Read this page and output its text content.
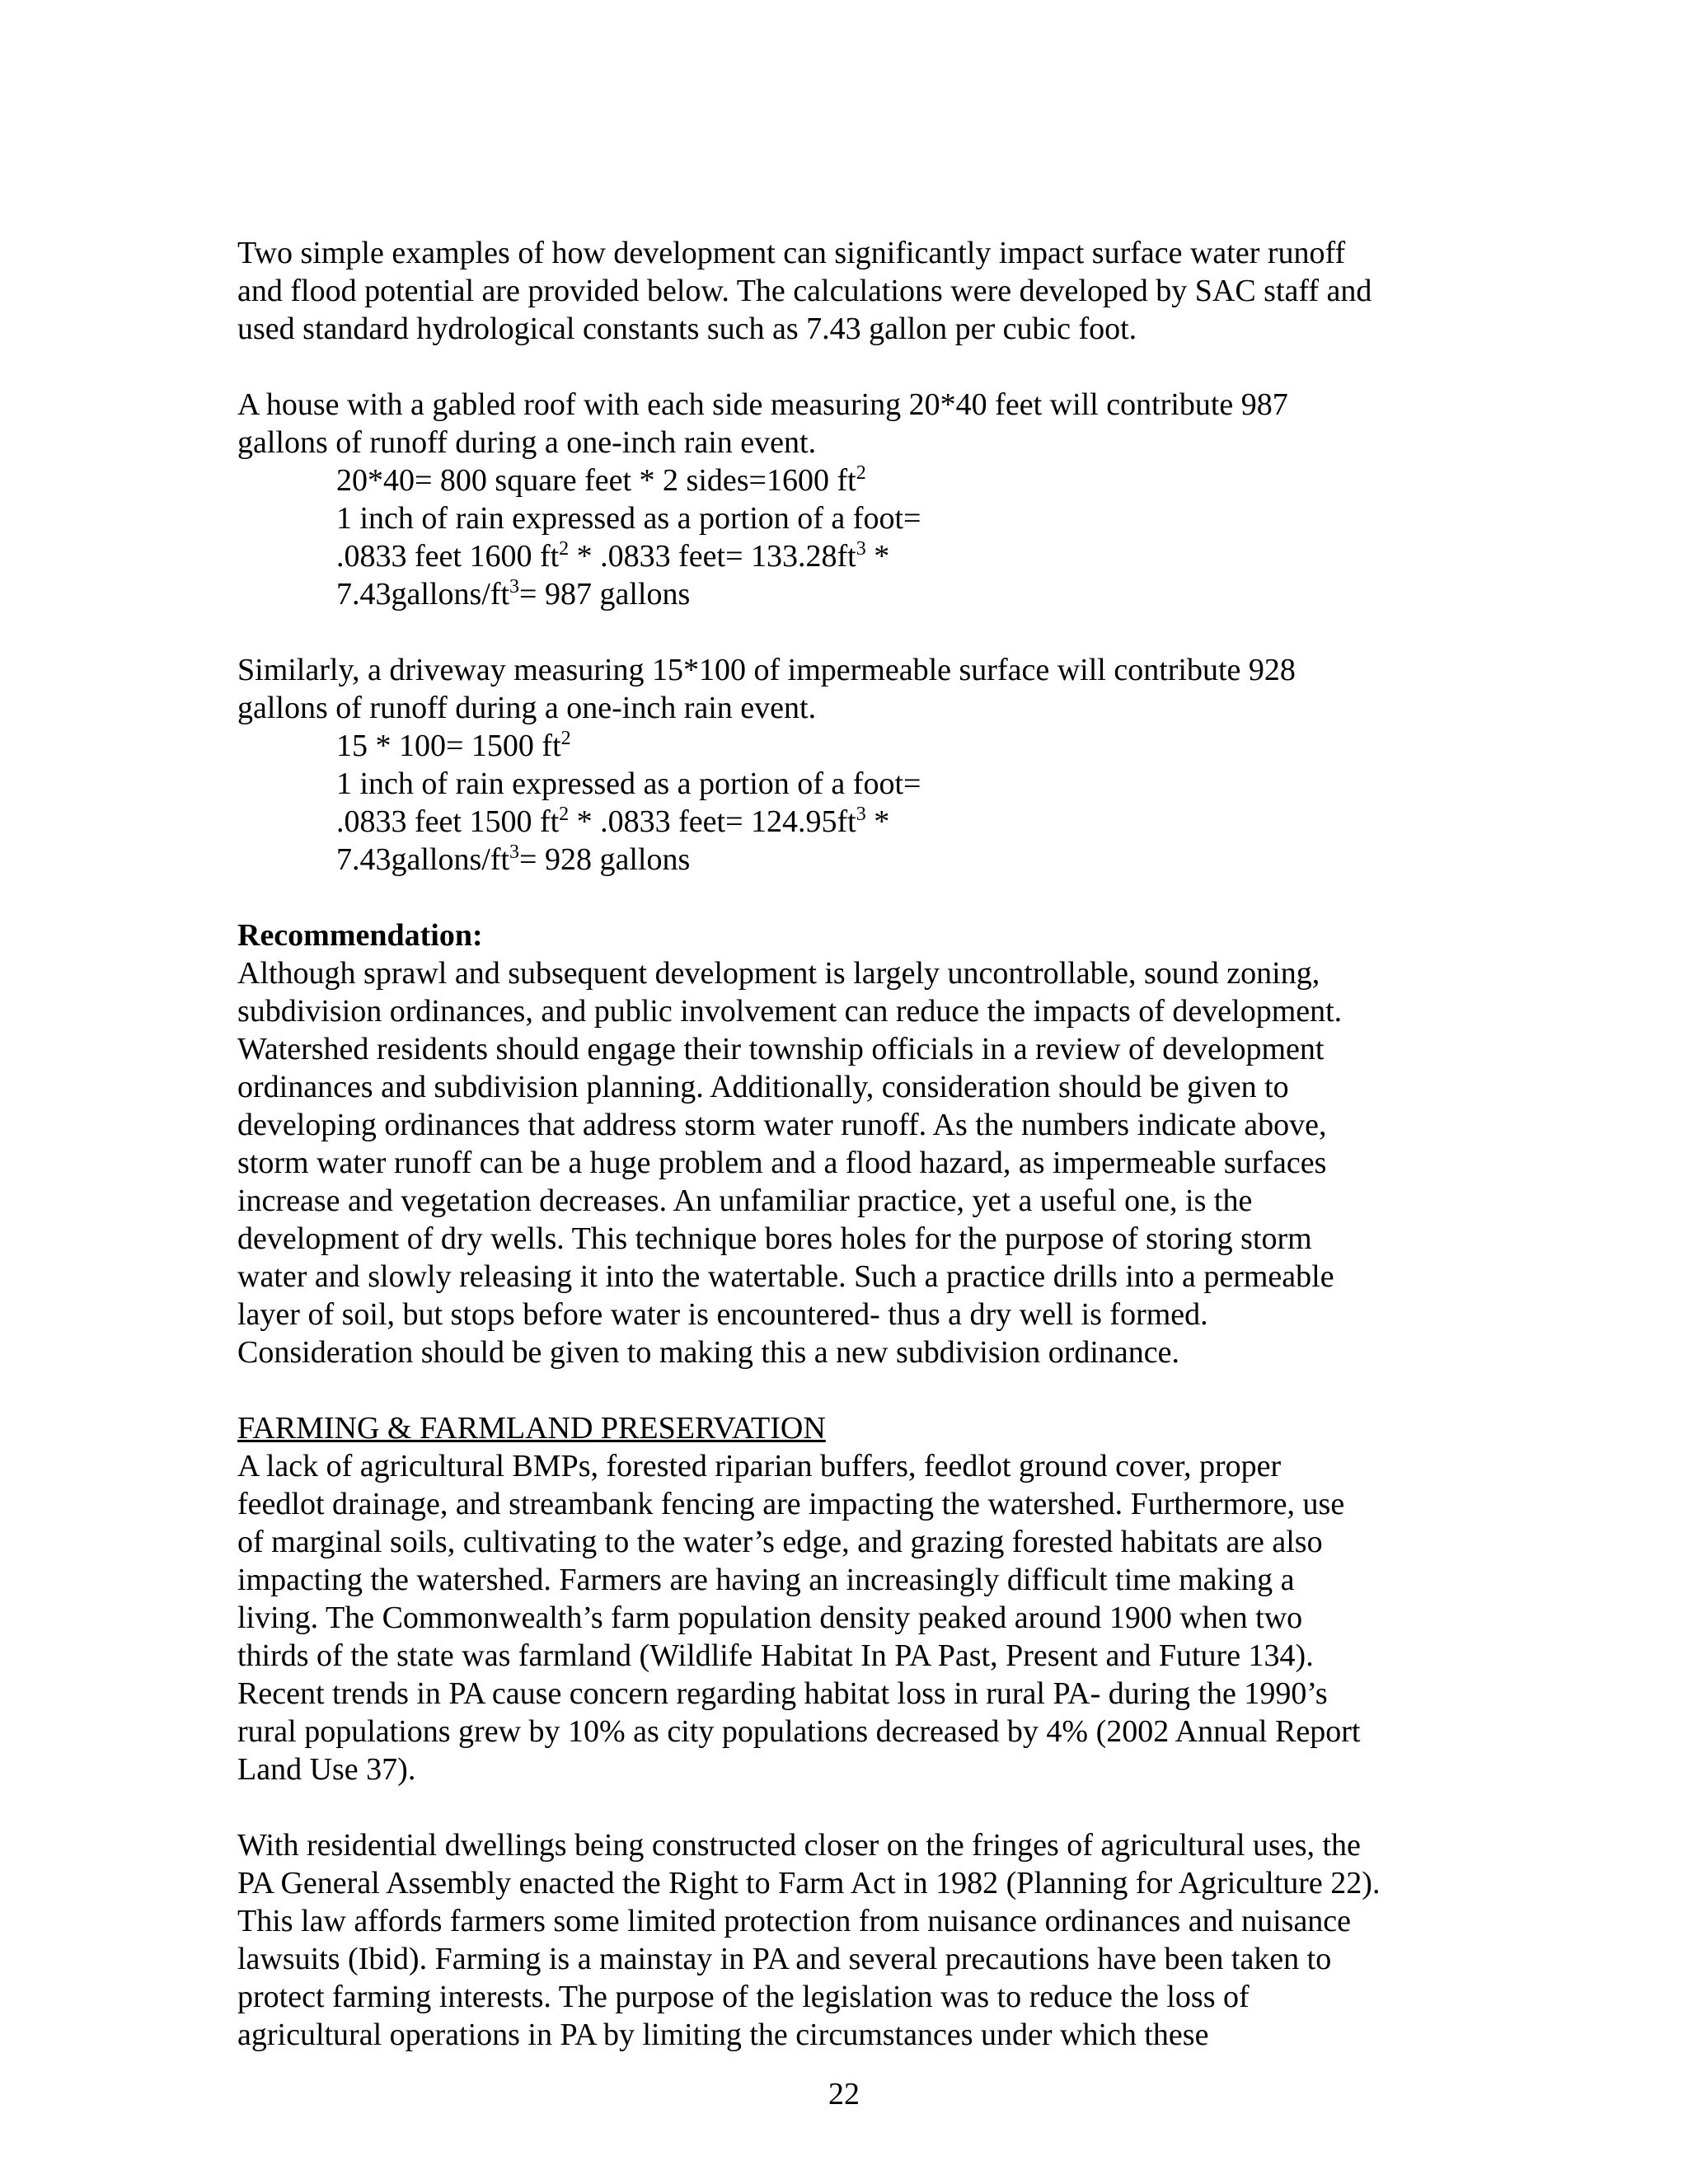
Two simple examples of how development can significantly impact surface water runoff
and flood potential are provided below. The calculations were developed by SAC staff and
used standard hydrological constants such as 7.43 gallon per cubic foot.
A house with a gabled roof with each side measuring 20*40 feet will contribute 987
gallons of runoff during a one-inch rain event.
20*40= 800 square feet * 2 sides=1600 $ft^2$
1 inch of rain expressed as a portion of a foot=
.0833 feet 1600 $ft^2 * .0833$ feet= $133.28ft^3$ *
$7.43gallons/ft^3= 987$ gallons
Similarly, a driveway measuring 15*100 of impermeable surface will contribute 928
gallons of runoff during a one-inch rain event.
15 * 100= 1500 $ft^2$
1 inch of rain expressed as a portion of a foot=
.0833 feet 1500 $ft^2 * .0833$ feet= $124.95ft^3$ *
$7.43gallons/ft^3= 928$ gallons
Recommendation:
Although sprawl and subsequent development is largely uncontrollable, sound zoning,
subdivision ordinances, and public involvement can reduce the impacts of development.
Watershed residents should engage their township officials in a review of development
ordinances and subdivision planning. Additionally, consideration should be given to
developing ordinances that address storm water runoff. As the numbers indicate above,
storm water runoff can be a huge problem and a flood hazard, as impermeable surfaces
increase and vegetation decreases. An unfamiliar practice, yet a useful one, is the
development of dry wells. This technique bores holes for the purpose of storing storm
water and slowly releasing it into the watertable. Such a practice drills into a permeable
layer of soil, but stops before water is encountered- thus a dry well is formed.
Consideration should be given to making this a new subdivision ordinance.
FARMING & FARMLAND PRESERVATION
A lack of agricultural BMPs, forested riparian buffers, feedlot ground cover, proper
feedlot drainage, and streambank fencing are impacting the watershed. Furthermore, use
of marginal soils, cultivating to the water’s edge, and grazing forested habitats are also
impacting the watershed. Farmers are having an increasingly difficult time making a
living. The Commonwealth’s farm population density peaked around 1900 when two
thirds of the state was farmland (Wildlife Habitat In PA Past, Present and Future 134).
Recent trends in PA cause concern regarding habitat loss in rural PA- during the 1990’s
rural populations grew by 10% as city populations decreased by 4% (2002 Annual Report
Land Use 37).
With residential dwellings being constructed closer on the fringes of agricultural uses, the
PA General Assembly enacted the Right to Farm Act in 1982 (Planning for Agriculture 22).
This law affords farmers some limited protection from nuisance ordinances and nuisance
lawsuits (Ibid). Farming is a mainstay in PA and several precautions have been taken to
protect farming interests. The purpose of the legislation was to reduce the loss of
agricultural operations in PA by limiting the circumstances under which these
22
